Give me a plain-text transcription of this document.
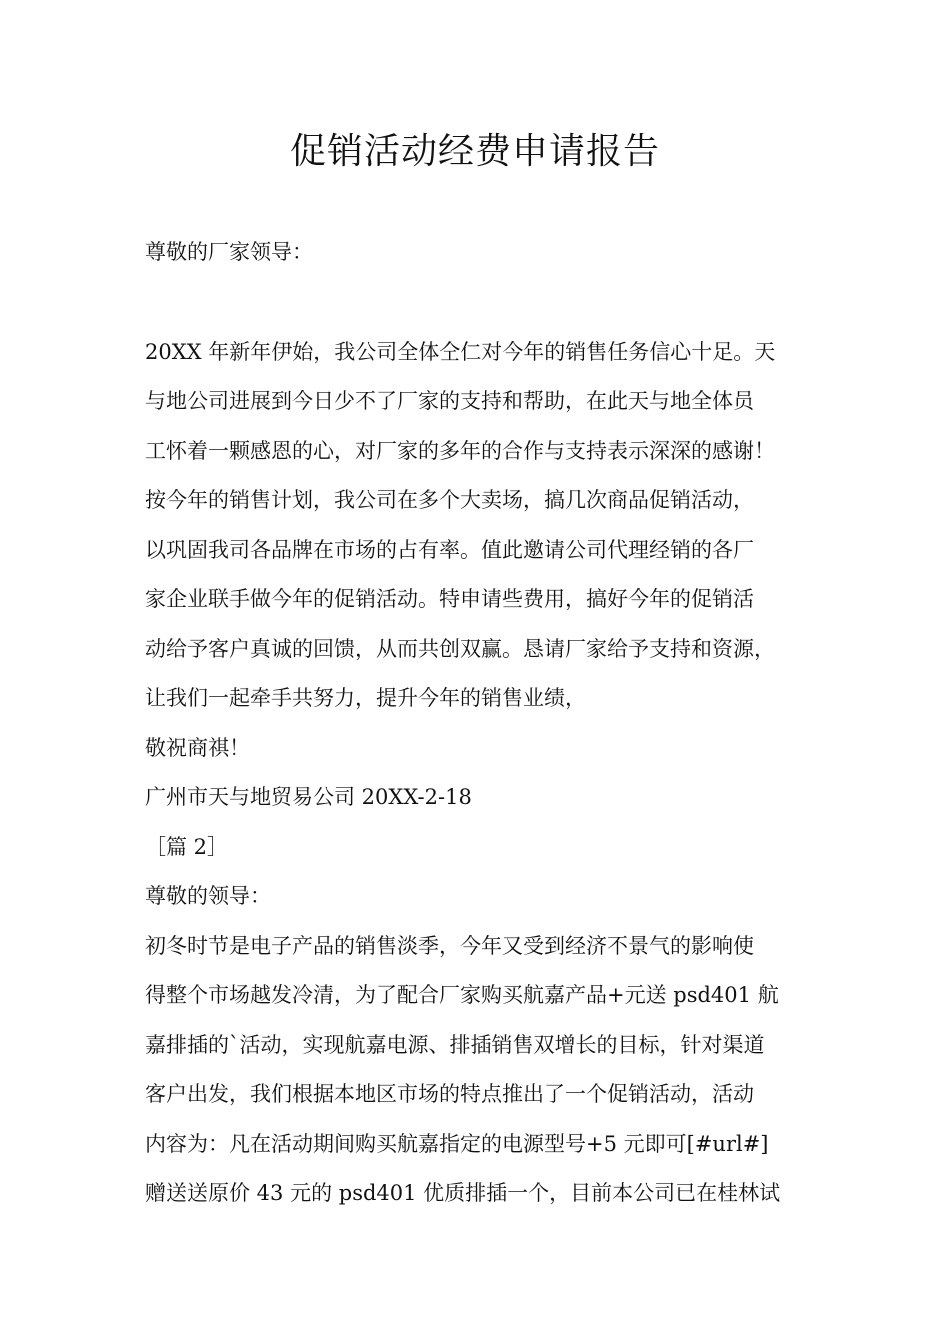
促销活动经费申请报告
尊敬的厂家领导：
20XX 年新年伊始，我公司全体仝仁对今年的销售任务信心十足。天
与地公司进展到今日少不了厂家的支持和帮助，在此天与地全体员
工怀着一颗感恩的心，对厂家的多年的合作与支持表示深深的感谢！
按今年的销售计划，我公司在多个大卖场，搞几次商品促销活动，
以巩固我司各品牌在市场的占有率。值此邀请公司代理经销的各厂
家企业联手做今年的促销活动。特申请些费用，搞好今年的促销活
动给予客户真诚的回馈，从而共创双赢。恳请厂家给予支持和资源，
让我们一起牵手共努力，提升今年的销售业绩，
敬祝商祺！
广州市天与地贸易公司 20XX-2-18
［篇 2］
尊敬的领导：
初冬时节是电子产品的销售淡季，今年又受到经济不景气的影响使
得整个市场越发冷清，为了配合厂家购买航嘉产品+元送 psd401 航
嘉排插的`活动，实现航嘉电源、排插销售双增长的目标，针对渠道
客户出发，我们根据本地区市场的特点推出了一个促销活动，活动
内容为：凡在活动期间购买航嘉指定的电源型号+5 元即可[#url#]
赠送送原价 43 元的 psd401 优质排插一个，目前本公司已在桂林试
